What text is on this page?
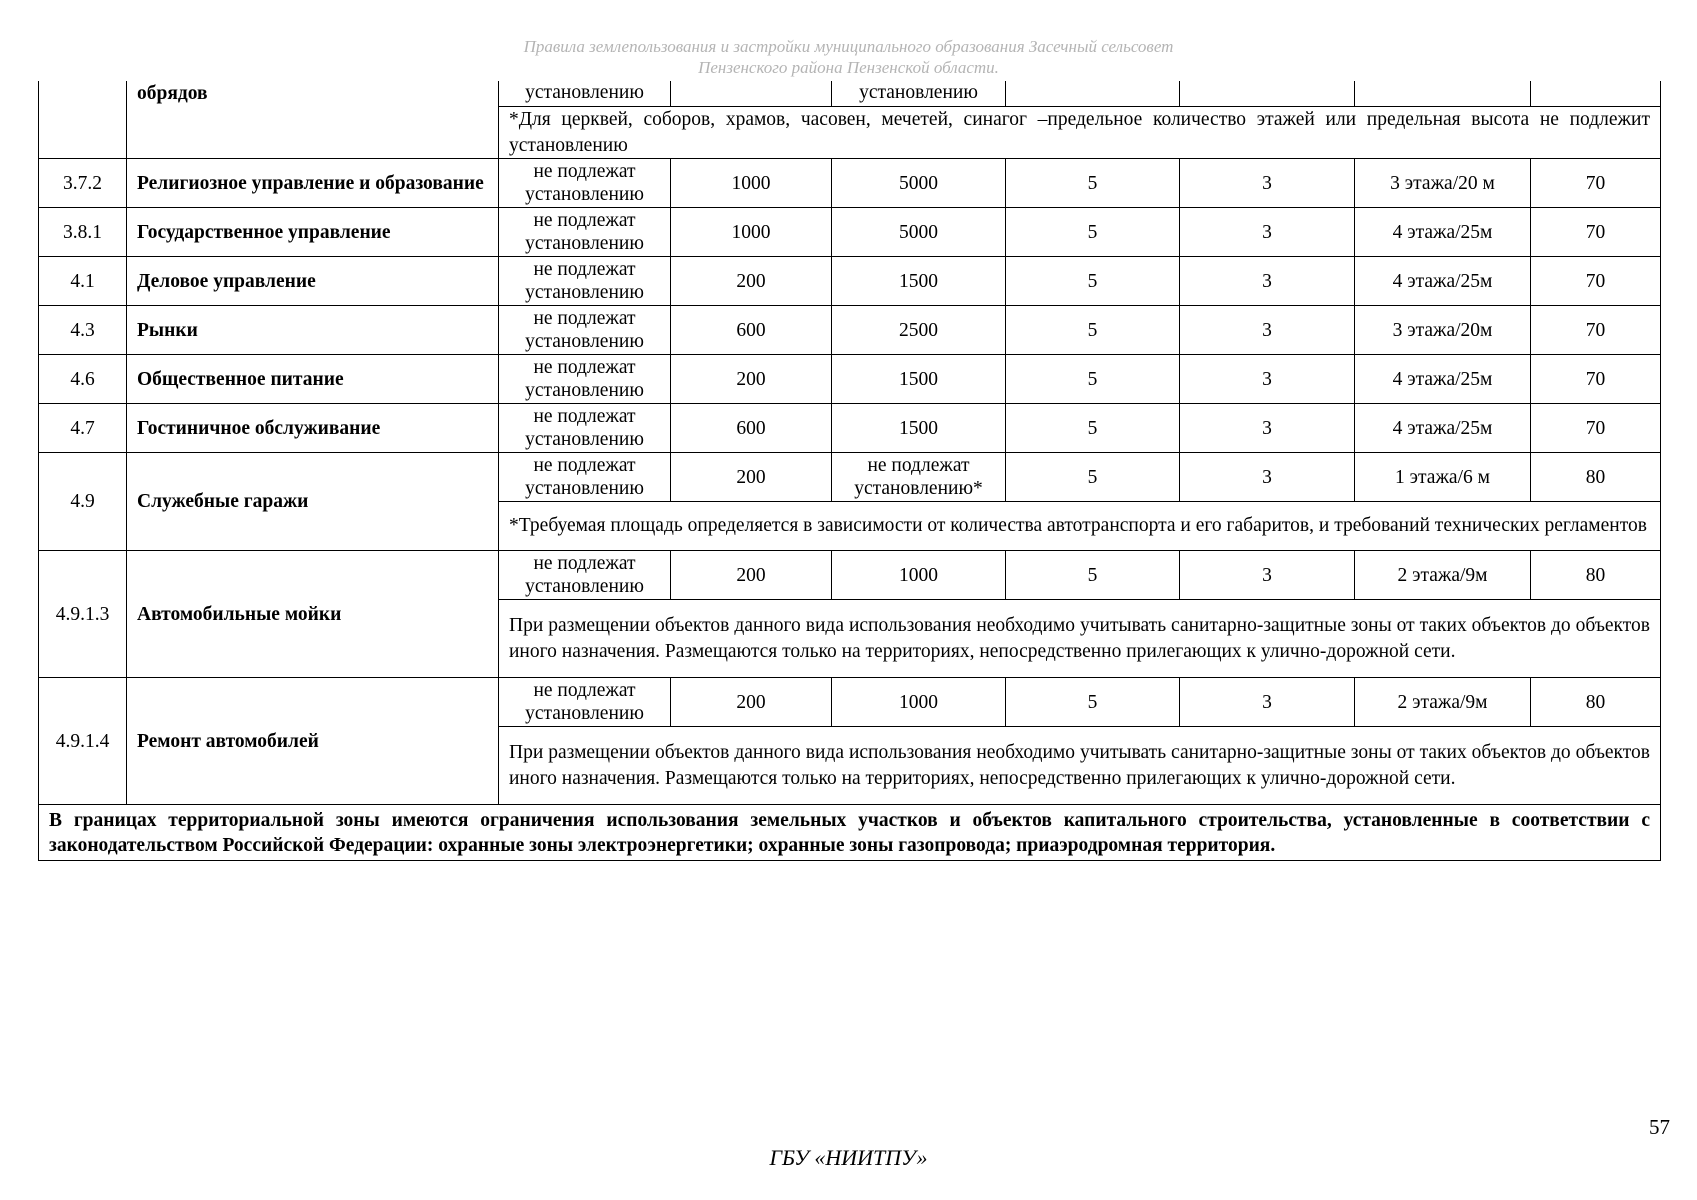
Правила землепользования и застройки муниципального образования Засечный сельсовет
Пензенского района Пензенской области.
	обрядов	установлению		установлению				
		*Для церквей, соборов, храмов, часовен, мечетей, синагог –предельное количество этажей или предельная высота не подлежит установлению						
3.7.2	Религиозное управление и образование	не подлежат установлению	1000	5000	5	3	3 этажа/20 м	70
3.8.1	Государственное управление	не подлежат установлению	1000	5000	5	3	4 этажа/25м	70
4.1	Деловое управление	не подлежат установлению	200	1500	5	3	4 этажа/25м	70
4.3	Рынки	не подлежат установлению	600	2500	5	3	3 этажа/20м	70
4.6	Общественное питание	не подлежат установлению	200	1500	5	3	4 этажа/25м	70
4.7	Гостиничное обслуживание	не подлежат установлению	600	1500	5	3	4 этажа/25м	70
4.9	Служебные гаражи	не подлежат установлению	200	не подлежат установлению*	5	3	1 этажа/6 м	80
		*Требуемая площадь определяется в зависимости от количества автотранспорта и его габаритов, и требований технических регламентов						
4.9.1.3	Автомобильные мойки	не подлежат установлению	200	1000	5	3	2 этажа/9м	80
		При размещении объектов данного вида использования необходимо учитывать санитарно-защитные зоны от таких объектов до объектов иного назначения. Размещаются только на территориях, непосредственно прилегающих к улично-дорожной сети.						
4.9.1.4	Ремонт автомобилей	не подлежат установлению	200	1000	5	3	2 этажа/9м	80
		При размещении объектов данного вида использования необходимо учитывать санитарно-защитные зоны от таких объектов до объектов иного назначения. Размещаются только на территориях, непосредственно прилегающих к улично-дорожной сети.						
В границах территориальной зоны имеются ограничения использования земельных участков и объектов капитального строительства, установленные в соответствии с законодательством Российской Федерации: охранные зоны электроэнергетики; охранные зоны газопровода; приаэродромная территория.								
57
ГБУ «НИИТПУ»
